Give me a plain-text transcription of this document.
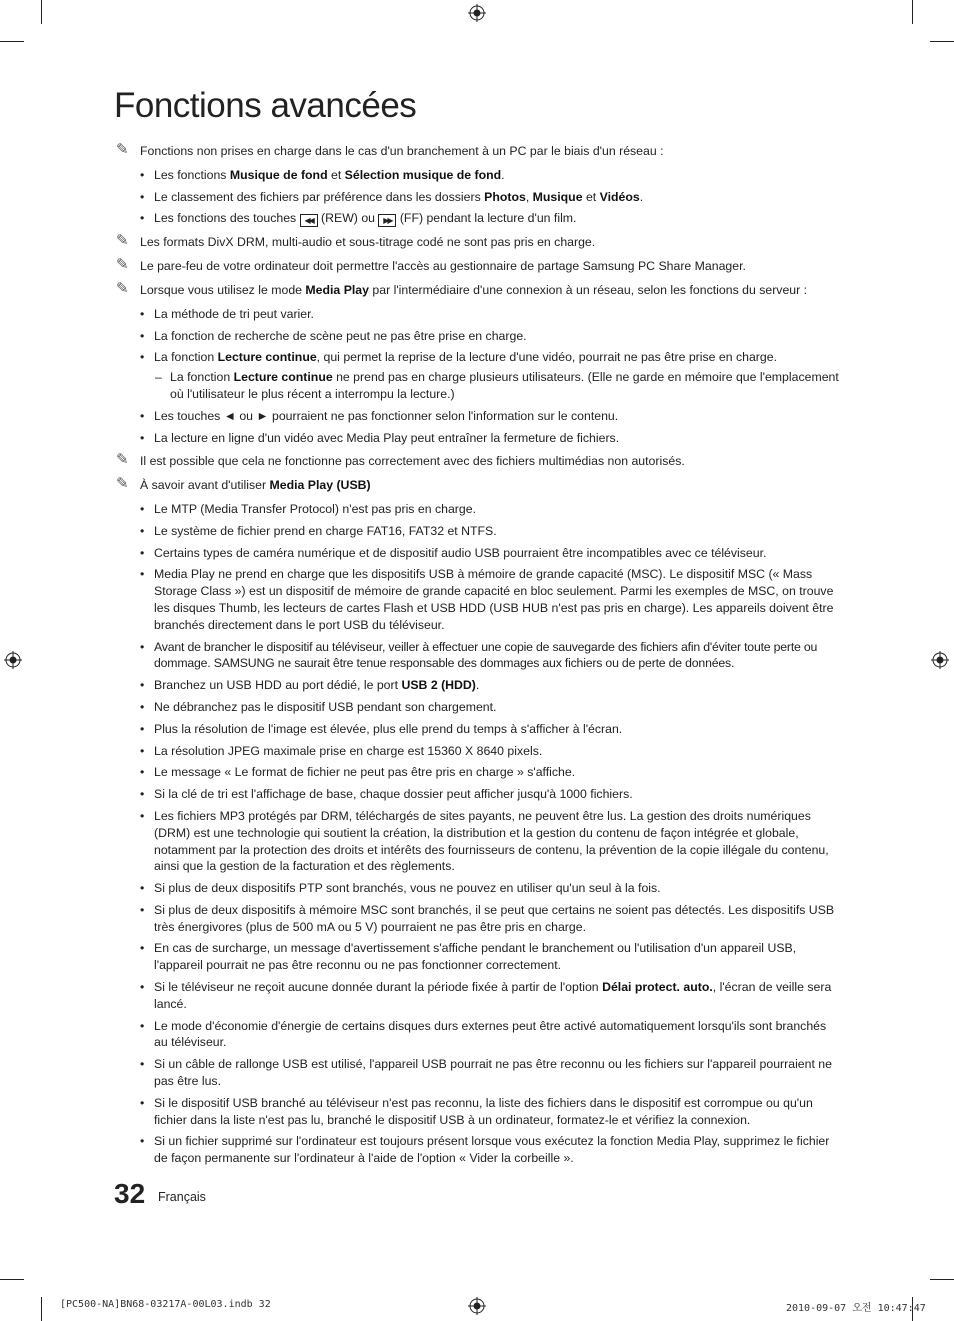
Fonctions avancées
✎ Fonctions non prises en charge dans le cas d'un branchement à un PC par le biais d'un réseau :
• Les fonctions Musique de fond et Sélection musique de fond.
• Le classement des fichiers par préférence dans les dossiers Photos, Musique et Vidéos.
• Les fonctions des touches ◀◀ (REW) ou ▶▶ (FF) pendant la lecture d'un film.
✎ Les formats DivX DRM, multi-audio et sous-titrage codé ne sont pas pris en charge.
✎ Le pare-feu de votre ordinateur doit permettre l'accès au gestionnaire de partage Samsung PC Share Manager.
✎ Lorsque vous utilisez le mode Media Play par l'intermédiaire d'une connexion à un réseau, selon les fonctions du serveur :
• La méthode de tri peut varier.
• La fonction de recherche de scène peut ne pas être prise en charge.
• La fonction Lecture continue, qui permet la reprise de la lecture d'une vidéo, pourrait ne pas être prise en charge.
– La fonction Lecture continue ne prend pas en charge plusieurs utilisateurs. (Elle ne garde en mémoire que l'emplacement où l'utilisateur le plus récent a interrompu la lecture.)
• Les touches ◄ ou ► pourraient ne pas fonctionner selon l'information sur le contenu.
• La lecture en ligne d'un vidéo avec Media Play peut entraîner la fermeture de fichiers.
✎ Il est possible que cela ne fonctionne pas correctement avec des fichiers multimédias non autorisés.
✎ À savoir avant d'utiliser Media Play (USB)
• Le MTP (Media Transfer Protocol) n'est pas pris en charge.
• Le système de fichier prend en charge FAT16, FAT32 et NTFS.
• Certains types de caméra numérique et de dispositif audio USB pourraient être incompatibles avec ce téléviseur.
• Media Play ne prend en charge que les dispositifs USB à mémoire de grande capacité (MSC). Le dispositif MSC (« Mass Storage Class ») est un dispositif de mémoire de grande capacité en bloc seulement. Parmi les exemples de MSC, on trouve les disques Thumb, les lecteurs de cartes Flash et USB HDD (USB HUB n'est pas pris en charge). Les appareils doivent être branchés directement dans le port USB du téléviseur.
• Avant de brancher le dispositif au téléviseur, veiller à effectuer une copie de sauvegarde des fichiers afin d'éviter toute perte ou dommage. SAMSUNG ne saurait être tenue responsable des dommages aux fichiers ou de perte de données.
• Branchez un USB HDD au port dédié, le port USB 2 (HDD).
• Ne débranchez pas le dispositif USB pendant son chargement.
• Plus la résolution de l'image est élevée, plus elle prend du temps à s'afficher à l'écran.
• La résolution JPEG maximale prise en charge est 15360 X 8640 pixels.
• Le message « Le format de fichier ne peut pas être pris en charge » s'affiche.
• Si la clé de tri est l'affichage de base, chaque dossier peut afficher jusqu'à 1000 fichiers.
• Les fichiers MP3 protégés par DRM, téléchargés de sites payants, ne peuvent être lus. La gestion des droits numériques (DRM) est une technologie qui soutient la création, la distribution et la gestion du contenu de façon intégrée et globale, notamment par la protection des droits et intérêts des fournisseurs de contenu, la prévention de la copie illégale du contenu, ainsi que la gestion de la facturation et des règlements.
• Si plus de deux dispositifs PTP sont branchés, vous ne pouvez en utiliser qu'un seul à la fois.
• Si plus de deux dispositifs à mémoire MSC sont branchés, il se peut que certains ne soient pas détectés. Les dispositifs USB très énergivores (plus de 500 mA ou 5 V) pourraient ne pas être pris en charge.
• En cas de surcharge, un message d'avertissement s'affiche pendant le branchement ou l'utilisation d'un appareil USB, l'appareil pourrait ne pas être reconnu ou ne pas fonctionner correctement.
• Si le téléviseur ne reçoit aucune donnée durant la période fixée à partir de l'option Délai protect. auto., l'écran de veille sera lancé.
• Le mode d'économie d'énergie de certains disques durs externes peut être activé automatiquement lorsqu'ils sont branchés au téléviseur.
• Si un câble de rallonge USB est utilisé, l'appareil USB pourrait ne pas être reconnu ou les fichiers sur l'appareil pourraient ne pas être lus.
• Si le dispositif USB branché au téléviseur n'est pas reconnu, la liste des fichiers dans le dispositif est corrompue ou qu'un fichier dans la liste n'est pas lu, branché le dispositif USB à un ordinateur, formatez-le et vérifiez la connexion.
• Si un fichier supprimé sur l'ordinateur est toujours présent lorsque vous exécutez la fonction Media Play, supprimez le fichier de façon permanente sur l'ordinateur à l'aide de l'option « Vider la corbeille ».
32 Français
[PC500-NA]BN68-03217A-00L03.indb 32	2010-09-07 오전 10:47:47
